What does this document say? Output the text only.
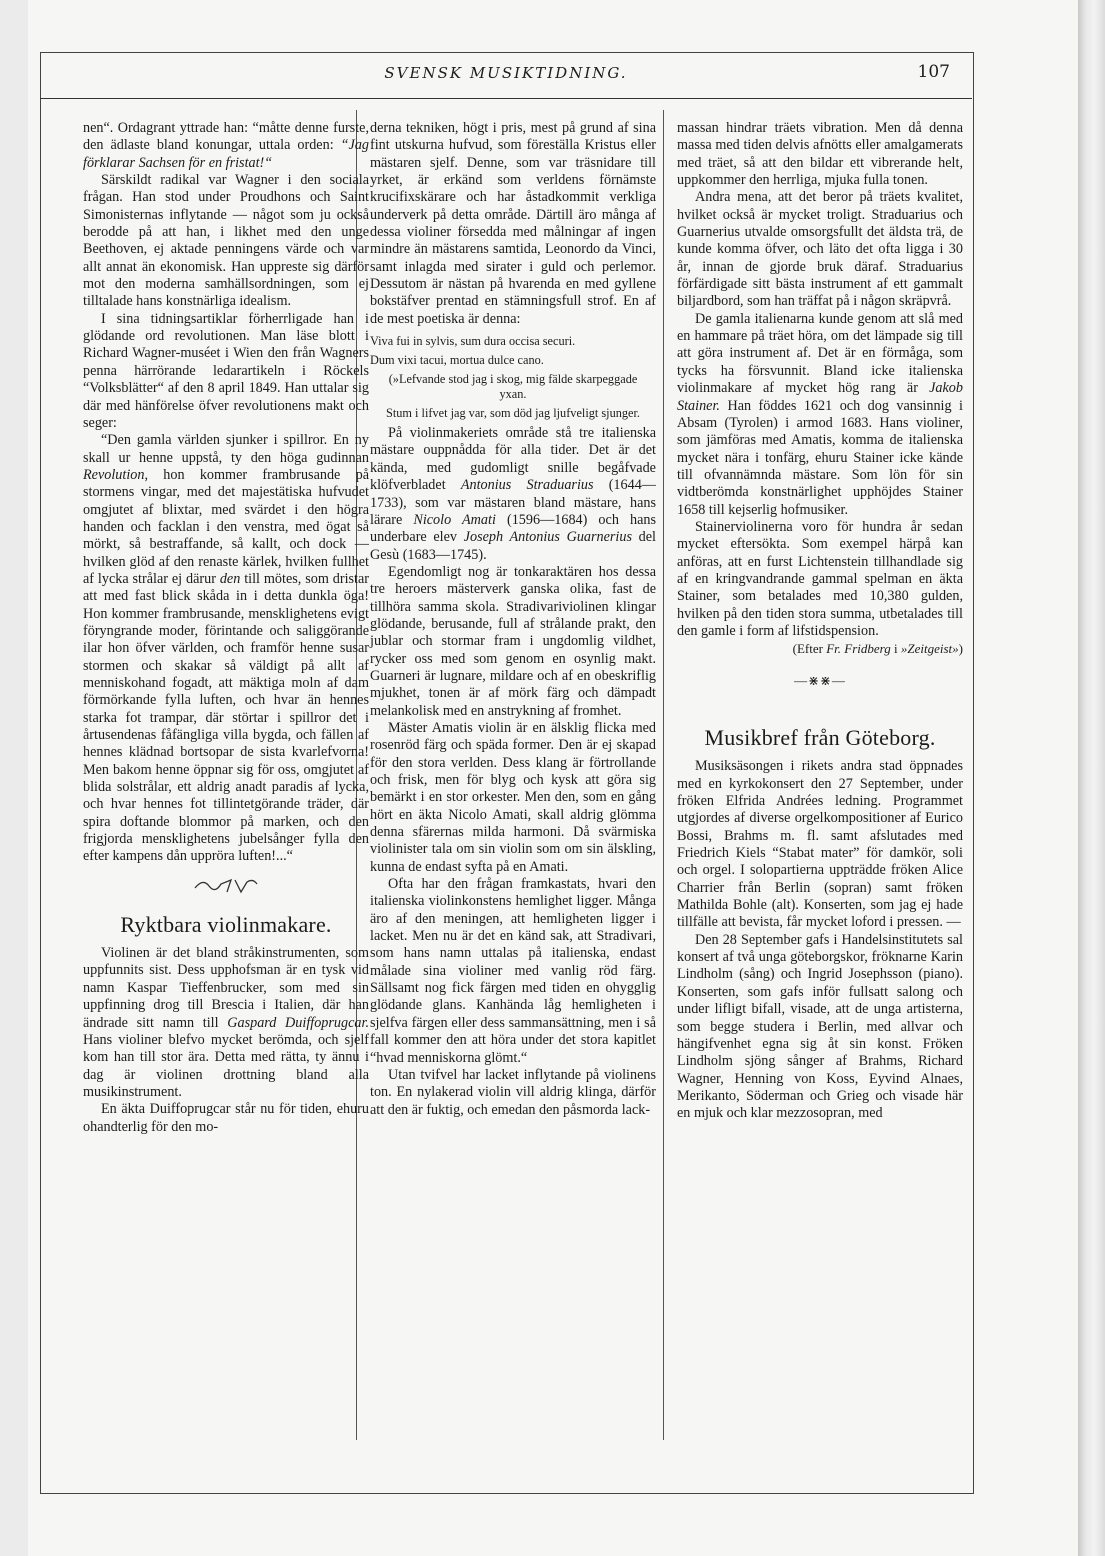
SVENSK MUSIKTIDNING.	107

nen“. Ordagrant yttrade han: “måtte denne furste, den ädlaste bland konungar, uttala orden: “Jag förklarar Sachsen för en fristat!“

Särskildt radikal var Wagner i den sociala frågan. Han stod under Proudhons och Saint Simonisternas inflytande — något som ju också berodde på att han, i likhet med den unge Beethoven, ej aktade penningens värde och var allt annat än ekonomisk. Han uppreste sig därför mot den moderna samhällsordningen, som ej tilltalade hans konstnärliga idealism.

I sina tidningsartiklar förherrligade han i glödande ord revolutionen. Man läse blott i Richard Wagner-muséet i Wien den från Wagners penna härrörande ledarartikeln i Röckels “Volksblätter“ af den 8 april 1849. Han uttalar sig där med hänförelse öfver revolutionens makt och seger:

“Den gamla världen sjunker i spillror. En ny skall ur henne uppstå, ty den höga gudinnan Revolution, hon kommer frambrusande på stormens vingar, med det majestätiska hufvudet omgjutet af blixtar, med svärdet i den högra handen och facklan i den venstra, med ögat så mörkt, så bestraffande, så kallt, och dock — hvilken glöd af den renaste kärlek, hvilken fullhet af lycka strålar ej därur den till mötes, som dristar att med fast blick skåda in i detta dunkla öga! Hon kommer frambrusande, mensklighetens evigt föryngrande moder, förintande och saliggörande ilar hon öfver världen, och framför henne susar stormen och skakar så väldigt på allt af menniskohand fogadt, att mäktiga moln af dam förmörkande fylla luften, och hvar än hennes starka fot trampar, där störtar i spillror det i årtusendenas fåfängliga villa bygda, och fällen af hennes klädnad bortsopar de sista kvarlefvorna! Men bakom henne öppnar sig för oss, omgjutet af blida solstrålar, ett aldrig anadt paradis af lycka, och hvar hennes fot tillintetgörande träder, där spira doftande blommor på marken, och den frigjorda mensklighetens jubelsånger fylla den efter kampens dån uppröra luften!...“

Ryktbara violinmakare.

Violinen är det bland stråkinstrumenten, som uppfunnits sist. Dess upphofsman är en tysk vid namn Kaspar Tieffenbrucker, som med sin uppfinning drog till Brescia i Italien, där han ändrade sitt namn till Gaspard Duiffoprugcar. Hans violiner blefvo mycket berömda, och sjelf kom han till stor ära. Detta med rätta, ty ännu i dag är violinen drottning bland alla musikinstrument.

En äkta Duiffoprugcar står nu för tiden, ehuru ohandterlig för den mo-

derna tekniken, högt i pris, mest på grund af sina fint utskurna hufvud, som föreställa Kristus eller mästaren sjelf. Denne, som var träsnidare till yrket, är erkänd som verldens förnämste krucifixskärare och har åstadkommit verkliga underverk på detta område. Därtill äro många af dessa violiner försedda med målningar af ingen mindre än mästarens samtida, Leonordo da Vinci, samt inlagda med sirater i guld och perlemor. Dessutom är nästan på hvarenda en med gyllene bokstäfver prentad en stämningsfull strof. En af de mest poetiska är denna:

Viva fui in sylvis, sum dura occisa securi.

Dum vixi tacui, mortua dulce cano.

(»Lefvande stod jag i skog, mig fälde skarpeggade yxan.

Stum i lifvet jag var, som död jag ljufveligt sjunger.

På violinmakeriets område stå tre italienska mästare ouppnådda för alla tider. Det är det kända, med gudomligt snille begåfvade klöfverbladet Antonius Straduarius (1644—1733), som var mästaren bland mästare, hans lärare Nicolo Amati (1596—1684) och hans underbare elev Joseph Antonius Guarnerius del Gesù (1683—1745).

Egendomligt nog är tonkaraktären hos dessa tre heroers mästerverk ganska olika, fast de tillhöra samma skola. Stradivariviolinen klingar glödande, berusande, full af strålande prakt, den jublar och stormar fram i ungdomlig vildhet, rycker oss med som genom en osynlig makt. Guarneri är lugnare, mildare och af en obeskriflig mjukhet, tonen är af mörk färg och dämpadt melankolisk med en anstrykning af fromhet.

Mäster Amatis violin är en älsklig flicka med rosenröd färg och späda former. Den är ej skapad för den stora verlden. Dess klang är förtrollande och frisk, men för blyg och kysk att göra sig bemärkt i en stor orkester. Men den, som en gång hört en äkta Nicolo Amati, skall aldrig glömma denna sfärernas milda harmoni. Då svärmiska violinister tala om sin violin som om sin älskling, kunna de endast syfta på en Amati.

Ofta har den frågan framkastats, hvari den italienska violinkonstens hemlighet ligger. Många äro af den meningen, att hemligheten ligger i lacket. Men nu är det en känd sak, att Stradivari, som hans namn uttalas på italienska, endast målade sina violiner med vanlig röd färg. Sällsamt nog fick färgen med tiden en ohygglig glödande glans. Kanhända låg hemligheten i sjelfva färgen eller dess sammansättning, men i så fall kommer den att höra under det stora kapitlet “hvad menniskorna glömt.“

Utan tvifvel har lacket inflytande på violinens ton. En nylakerad violin vill aldrig klinga, därför att den är fuktig, och emedan den påsmorda lack-

massan hindrar träets vibration. Men då denna massa med tiden delvis afnötts eller amalgamerats med träet, så att den bildar ett vibrerande helt, uppkommer den herrliga, mjuka fulla tonen.

Andra mena, att det beror på träets kvalitet, hvilket också är mycket troligt. Straduarius och Guarnerius utvalde omsorgsfullt det äldsta trä, de kunde komma öfver, och läto det ofta ligga i 30 år, innan de gjorde bruk däraf. Straduarius förfärdigade sitt bästa instrument af ett gammalt biljardbord, som han träffat på i någon skräpvrå.

De gamla italienarna kunde genom att slå med en hammare på träet höra, om det lämpade sig till att göra instrument af. Det är en förmåga, som tycks ha försvunnit. Bland icke italienska violinmakare af mycket hög rang är Jakob Stainer. Han föddes 1621 och dog vansinnig i Absam (Tyrolen) i armod 1683. Hans violiner, som jämföras med Amatis, komma de italienska mycket nära i tonfärg, ehuru Stainer icke kände till ofvannämnda mästare. Som lön för sin vidtberömda konstnärlighet upphöjdes Stainer 1658 till kejserlig hofmusiker.

Stainerviolinerna voro för hundra år sedan mycket eftersökta. Som exempel härpå kan anföras, att en furst Lichtenstein tillhandlade sig af en kringvandrande gammal spelman en äkta Stainer, som betalades med 10,380 gulden, hvilken på den tiden stora summa, utbetalades till den gamle i form af lifstidspension.

(Efter Fr. Fridberg i »Zeitgeist»)

—⋇⋇—
Musikbref från Göteborg.

Musiksäsongen i rikets andra stad öppnades med en kyrkokonsert den 27 September, under fröken Elfrida Andrées ledning. Programmet utgjordes af diverse orgelkompositioner af Eurico Bossi, Brahms m. fl. samt afslutades med Friedrich Kiels “Stabat mater” för damkör, soli och orgel. I solopartierna uppträdde fröken Alice Charrier från Berlin (sopran) samt fröken Mathilda Bohle (alt). Konserten, som jag ej hade tillfälle att bevista, får mycket loford i pressen. —

Den 28 September gafs i Handelsinstitutets sal konsert af två unga göteborgskor, fröknarne Karin Lindholm (sång) och Ingrid Josephsson (piano). Konserten, som gafs inför fullsatt salong och under lifligt bifall, visade, att de unga artisterna, som begge studera i Berlin, med allvar och hängifvenhet egna sig åt sin konst. Fröken Lindholm sjöng sånger af Brahms, Richard Wagner, Henning von Koss, Eyvind Alnaes, Merikanto, Söderman och Grieg och visade här en mjuk och klar mezzosopran, med
